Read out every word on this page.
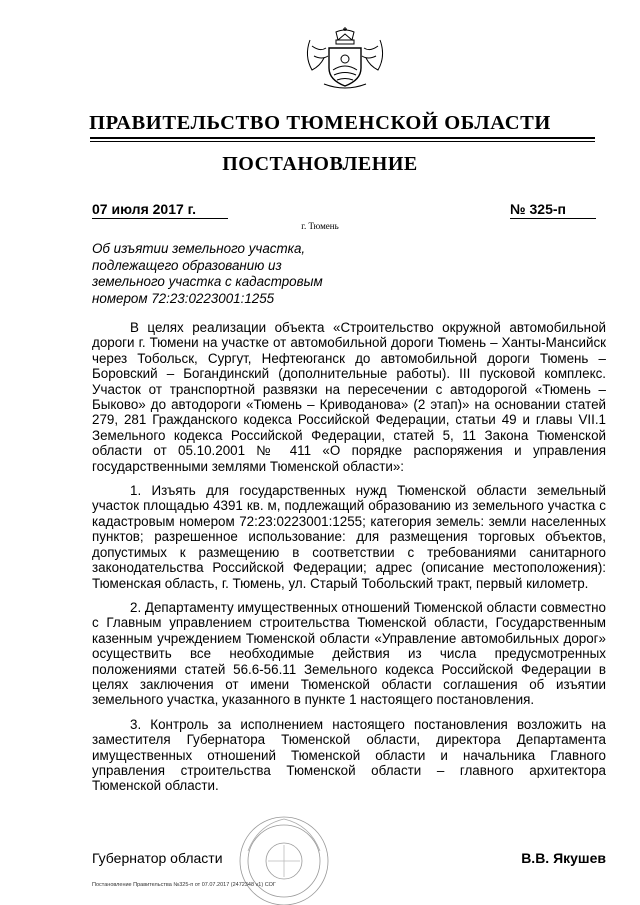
ПРАВИТЕЛЬСТВО ТЮМЕНСКОЙ ОБЛАСТИ
ПОСТАНОВЛЕНИЕ
07 июля 2017 г.	№ 325-п
г. Тюмень
Об изъятии земельного участка, подлежащего образованию из земельного участка с кадастровым номером 72:23:0223001:1255

В целях реализации объекта «Строительство окружной автомобильной дороги г. Тюмени на участке от автомобильной дороги Тюмень – Ханты-Мансийск через Тобольск, Сургут, Нефтеюганск до автомобильной дороги Тюмень – Боровский – Богандинский (дополнительные работы). III пусковой комплекс. Участок от транспортной развязки на пересечении с автодорогой «Тюмень – Быково» до автодороги «Тюмень – Криводанова» (2 этап)» на основании статей 279, 281 Гражданского кодекса Российской Федерации, статьи 49 и главы VII.1 Земельного кодекса Российской Федерации, статей 5, 11 Закона Тюменской области от 05.10.2001 № 411 «О порядке распоряжения и управления государственными землями Тюменской области»:

1. Изъять для государственных нужд Тюменской области земельный участок площадью 4391 кв. м, подлежащий образованию из земельного участка с кадастровым номером 72:23:0223001:1255; категория земель: земли населенных пунктов; разрешенное использование: для размещения торговых объектов, допустимых к размещению в соответствии с требованиями санитарного законодательства Российской Федерации; адрес (описание местоположения): Тюменская область, г. Тюмень, ул. Старый Тобольский тракт, первый километр.

2. Департаменту имущественных отношений Тюменской области совместно с Главным управлением строительства Тюменской области, Государственным казенным учреждением Тюменской области «Управление автомобильных дорог» осуществить все необходимые действия из числа предусмотренных положениями статей 56.6-56.11 Земельного кодекса Российской Федерации в целях заключения от имени Тюменской области соглашения об изъятии земельного участка, указанного в пункте 1 настоящего постановления.

3. Контроль за исполнением настоящего постановления возложить на заместителя Губернатора Тюменской области, директора Департамента имущественных отношений Тюменской области и начальника Главного управления строительства Тюменской области – главного архитектора Тюменской области.

Губернатор области	В.В. Якушев
Постановление Правительства №325-п от 07.07.2017 (2472348 v1) СОГ
